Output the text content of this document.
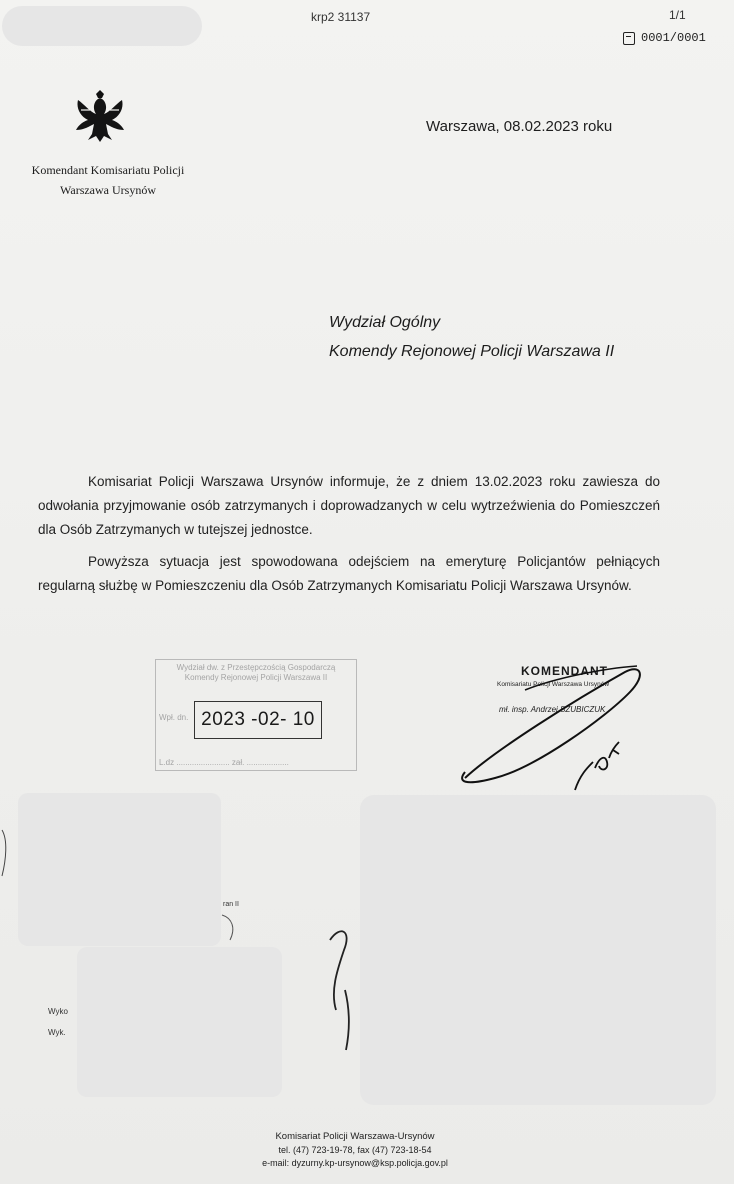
krp2 31137	1/1
0001/0001
Komendant Komisariatu Policji
Warszawa Ursynów
Warszawa, 08.02.2023 roku
Wydział Ogólny
Komendy Rejonowej Policji Warszawa II
Komisariat Policji Warszawa Ursynów informuje, że z dniem 13.02.2023 roku zawiesza do odwołania przyjmowanie osób zatrzymanych i doprowadzanych w celu wytrzeźwienia do Pomieszczeń dla Osób Zatrzymanych w tutejszej jednostce.
Powyższa sytuacja jest spowodowana odejściem na emeryturę Policjantów pełniących regularną służbę w Pomieszczeniu dla Osób Zatrzymanych Komisariatu Policji Warszawa Ursynów.
Wydział dw. z Przestępczością Gospodarczą
Komendy Rejonowej Policji Warszawa II
Wpł. dn. 2023 -02- 10
L.dz ........................ zał. ...................
KOMENDANT
Komisariatu Policji Warszawa Ursynów
mł. insp. Andrzej SZUBICZUK
Wyko
Wyk.
ran II
Komisariat Policji Warszawa-Ursynów
tel. (47) 723-19-78, fax (47) 723-18-54
e-mail: dyzurny.kp-ursynow@ksp.policja.gov.pl
